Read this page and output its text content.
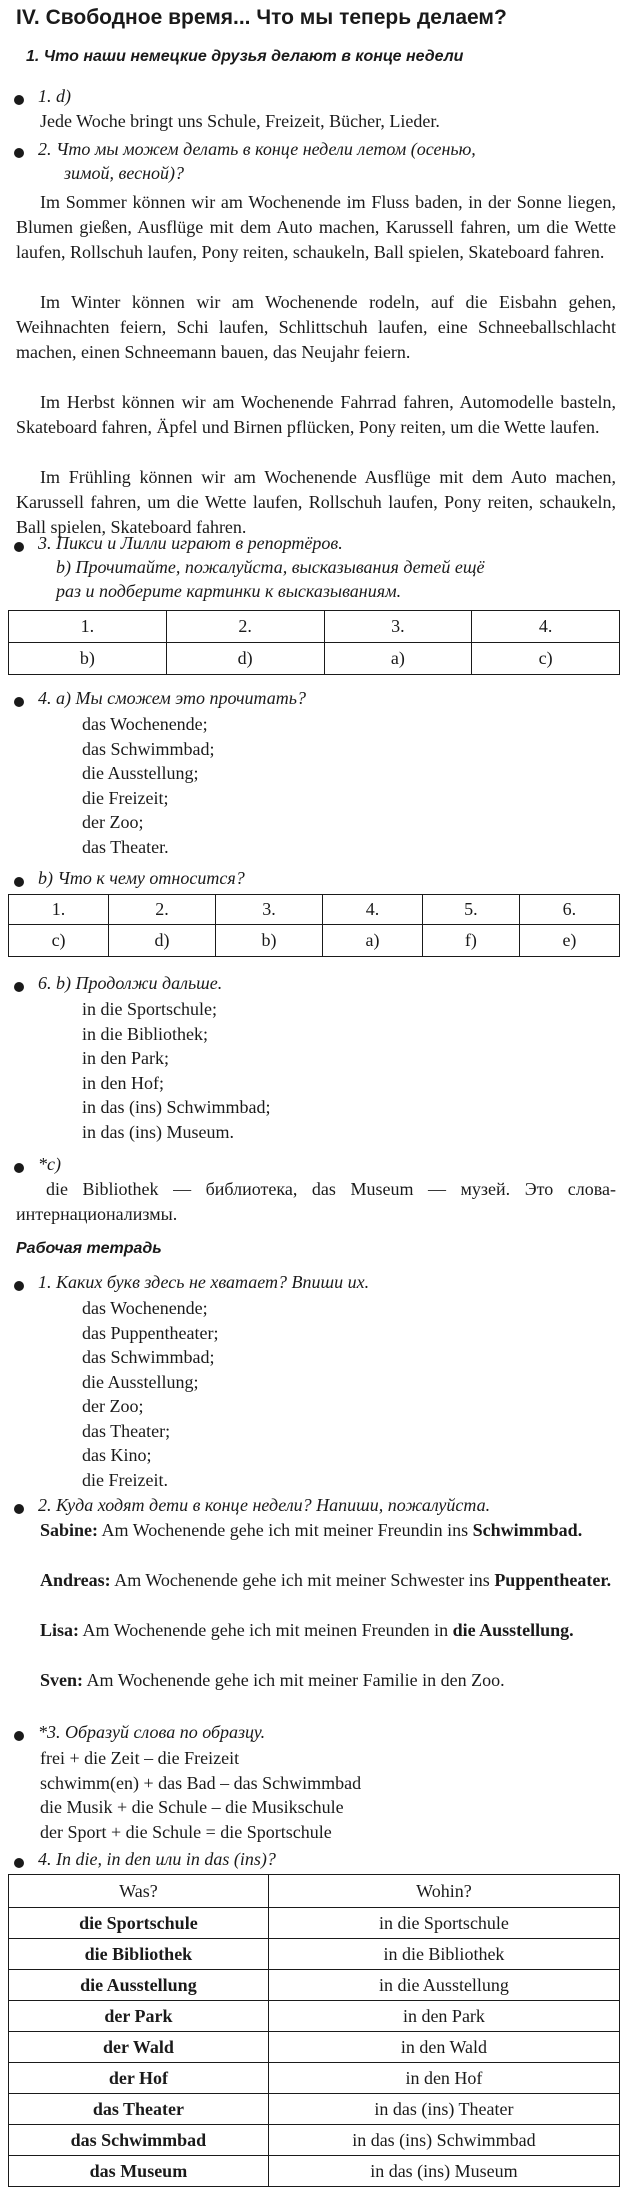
IV. Свободное время... Что мы теперь делаем?
1. Что наши немецкие друзья делают в конце недели
1. d)
Jede Woche bringt uns Schule, Freizeit, Bücher, Lieder.
2. Что мы можем делать в конце недели летом (осенью,
зимой, весной)?
Im Sommer können wir am Wochenende im Fluss baden, in der Sonne liegen, Blumen gießen, Ausflüge mit dem Auto machen, Karussell fahren, um die Wette laufen, Rollschuh laufen, Pony reiten, schaukeln, Ball spielen, Skateboard fahren.
Im Winter können wir am Wochenende rodeln, auf die Eisbahn gehen, Weihnachten feiern, Schi laufen, Schlittschuh laufen, eine Schneeballschlacht machen, einen Schneemann bauen, das Neujahr feiern.
Im Herbst können wir am Wochenende Fahrrad fahren, Automodelle basteln, Skateboard fahren, Äpfel und Birnen pflücken, Pony reiten, um die Wette laufen.
Im Frühling können wir am Wochenende Ausflüge mit dem Auto machen, Karussell fahren, um die Wette laufen, Rollschuh laufen, Pony reiten, schaukeln, Ball spielen, Skateboard fahren.
3. Пикси и Лилли играют в репортёров.
b) Прочитайте, пожалуйста, высказывания детей ещё
раз и подберите картинки к высказываниям.
1.	2.	3.	4.
b)	d)	a)	c)
4. a) Мы сможем это прочитать?
das Wochenende;
das Schwimmbad;
die Ausstellung;
die Freizeit;
der Zoo;
das Theater.
b) Что к чему относится?
1.	2.	3.	4.	5.	6.
c)	d)	b)	a)	f)	e)
6. b) Продолжи дальше.
in die Sportschule;
in die Bibliothek;
in den Park;
in den Hof;
in das (ins) Schwimmbad;
in das (ins) Museum.
*c)
die Bibliothek — библиотека, das Museum — музей. Это слова-интернационализмы.
Рабочая тетрадь
1. Каких букв здесь не хватает? Впиши их.
das Wochenende;
das Puppentheater;
das Schwimmbad;
die Ausstellung;
der Zoo;
das Theater;
das Kino;
die Freizeit.
2. Куда ходят дети в конце недели? Напиши, пожалуйста.
Sabine: Am Wochenende gehe ich mit meiner Freundin ins Schwimmbad.
Andreas: Am Wochenende gehe ich mit meiner Schwester ins Puppentheater.
Lisa: Am Wochenende gehe ich mit meinen Freunden in die Ausstellung.
Sven: Am Wochenende gehe ich mit meiner Familie in den Zoo.
*3. Образуй слова по образцу.
frei + die Zeit – die Freizeit
schwimm(en) + das Bad – das Schwimmbad
die Musik + die Schule – die Musikschule
der Sport + die Schule = die Sportschule
4. In die, in den или in das (ins)?
Was?	Wohin?
die Sportschule	in die Sportschule
die Bibliothek	in die Bibliothek
die Ausstellung	in die Ausstellung
der Park	in den Park
der Wald	in den Wald
der Hof	in den Hof
das Theater	in das (ins) Theater
das Schwimmbad	in das (ins) Schwimmbad
das Museum	in das (ins) Museum
